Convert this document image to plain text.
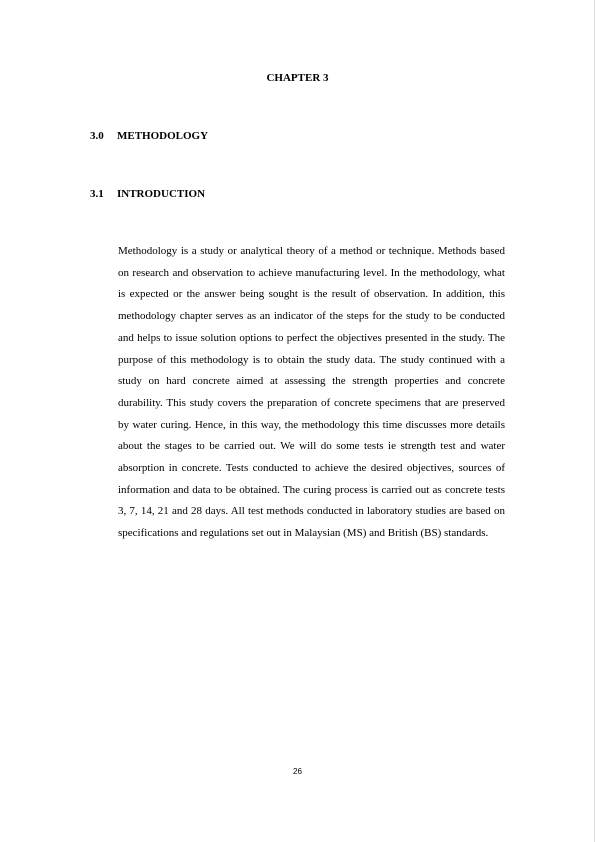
CHAPTER 3
3.0	METHODOLOGY
3.1	INTRODUCTION

Methodology is a study or analytical theory of a method or technique. Methods based on research and observation to achieve manufacturing level. In the methodology, what is expected or the answer being sought is the result of observation. In addition, this methodology chapter serves as an indicator of the steps for the study to be conducted and helps to issue solution options to perfect the objectives presented in the study. The purpose of this methodology is to obtain the study data. The study continued with a study on hard concrete aimed at assessing the strength properties and concrete durability. This study covers the preparation of concrete specimens that are preserved by water curing. Hence, in this way, the methodology this time discusses more details about the stages to be carried out. We will do some tests ie strength test and water absorption in concrete. Tests conducted to achieve the desired objectives, sources of information and data to be obtained. The curing process is carried out as concrete tests 3, 7, 14, 21 and 28 days. All test methods conducted in laboratory studies are based on specifications and regulations set out in Malaysian (MS) and British (BS) standards.

26
